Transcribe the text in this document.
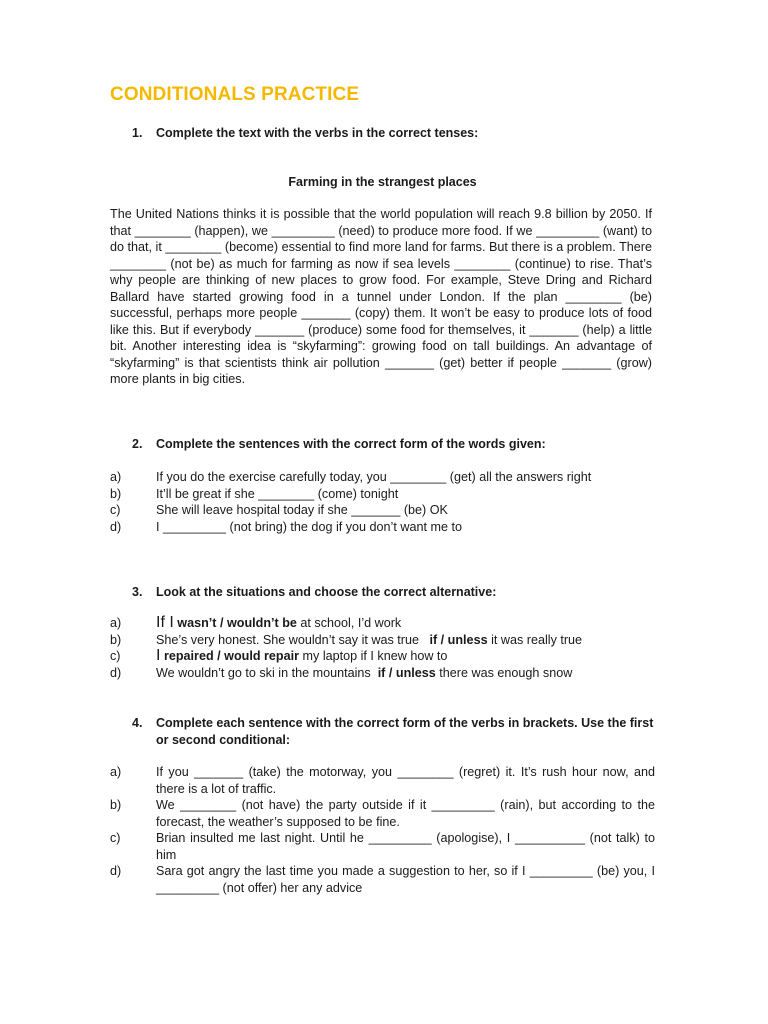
CONDITIONALS PRACTICE
1.	Complete the text with the verbs in the correct tenses:
Farming in the strangest places
The United Nations thinks it is possible that the world population will reach 9.8 billion by 2050. If that ________ (happen), we _________ (need) to produce more food. If we _________ (want) to do that, it ________ (become) essential to find more land for farms. But there is a problem. There ________ (not be) as much for farming as now if sea levels ________ (continue) to rise. That’s why people are thinking of new places to grow food. For example, Steve Dring and Richard Ballard have started growing food in a tunnel under London. If the plan ________ (be) successful, perhaps more people _______ (copy) them. It won’t be easy to produce lots of food like this. But if everybody _______ (produce) some food for themselves, it _______ (help) a little bit. Another interesting idea is “skyfarming”: growing food on tall buildings. An advantage of “skyfarming” is that scientists think air pollution _______ (get) better if people _______ (grow) more plants in big cities.
2.	Complete the sentences with the correct form of the words given:
a)	If you do the exercise carefully today, you ________ (get) all the answers right
b)	It’ll be great if she ________ (come) tonight
c)	She will leave hospital today if she _______ (be) OK
d)	I _________ (not bring) the dog if you don’t want me to
3.	Look at the situations and choose the correct alternative:
a)	If I wasn’t / wouldn’t be at school, I’d work
b)	She’s very honest. She wouldn’t say it was true if / unless it was really true
c)	I repaired / would repair my laptop if I knew how to
d)	We wouldn’t go to ski in the mountains if / unless there was enough snow
4.	Complete each sentence with the correct form of the verbs in brackets. Use the first or second conditional:
a)	If you _______ (take) the motorway, you ________ (regret) it. It’s rush hour now, and there is a lot of traffic.
b)	We ________ (not have) the party outside if it _________ (rain), but according to the forecast, the weather’s supposed to be fine.
c)	Brian insulted me last night. Until he _________ (apologise), I __________ (not talk) to him
d)	Sara got angry the last time you made a suggestion to her, so if I _________ (be) you, I _________ (not offer) her any advice
